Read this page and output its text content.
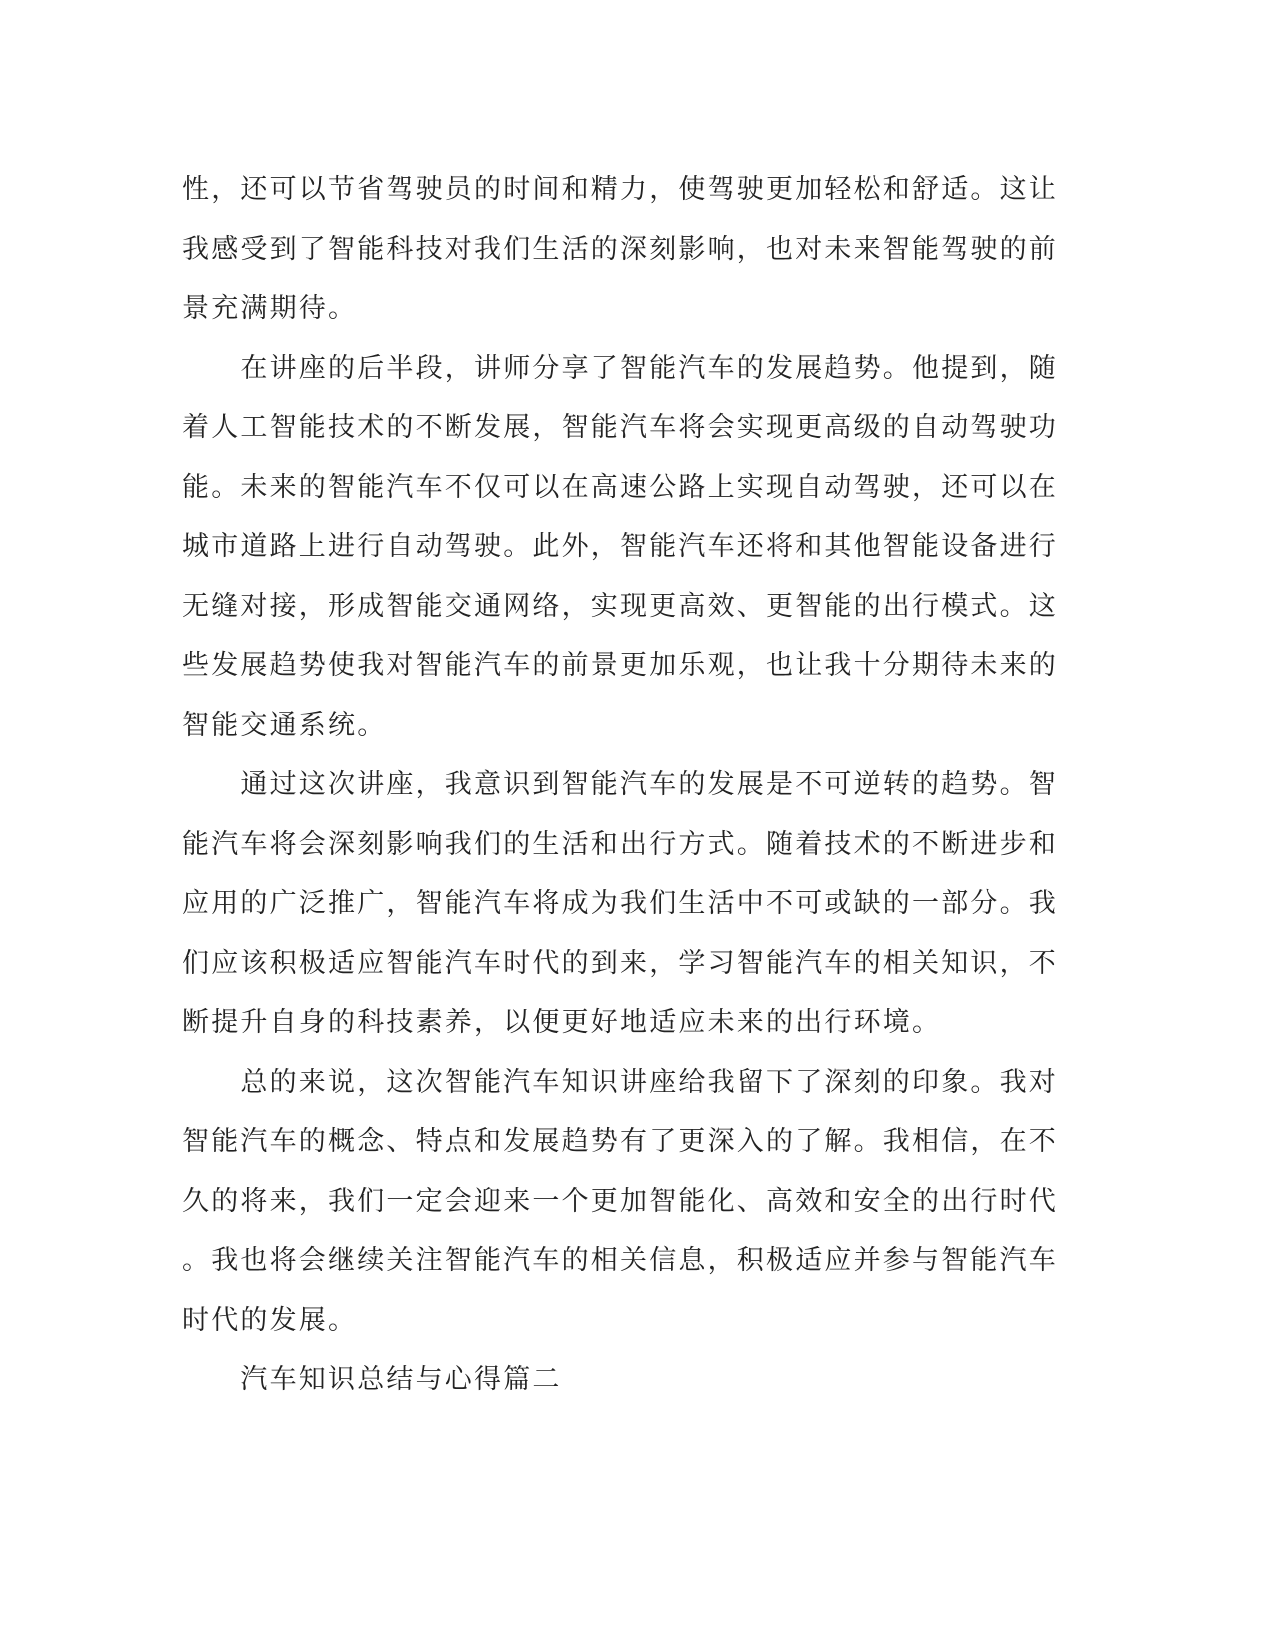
性，还可以节省驾驶员的时间和精力，使驾驶更加轻松和舒适。这让
我感受到了智能科技对我们生活的深刻影响，也对未来智能驾驶的前
景充满期待。
　　在讲座的后半段，讲师分享了智能汽车的发展趋势。他提到，随
着人工智能技术的不断发展，智能汽车将会实现更高级的自动驾驶功
能。未来的智能汽车不仅可以在高速公路上实现自动驾驶，还可以在
城市道路上进行自动驾驶。此外，智能汽车还将和其他智能设备进行
无缝对接，形成智能交通网络，实现更高效、更智能的出行模式。这
些发展趋势使我对智能汽车的前景更加乐观，也让我十分期待未来的
智能交通系统。
　　通过这次讲座，我意识到智能汽车的发展是不可逆转的趋势。智
能汽车将会深刻影响我们的生活和出行方式。随着技术的不断进步和
应用的广泛推广，智能汽车将成为我们生活中不可或缺的一部分。我
们应该积极适应智能汽车时代的到来，学习智能汽车的相关知识，不
断提升自身的科技素养，以便更好地适应未来的出行环境。
　　总的来说，这次智能汽车知识讲座给我留下了深刻的印象。我对
智能汽车的概念、特点和发展趋势有了更深入的了解。我相信，在不
久的将来，我们一定会迎来一个更加智能化、高效和安全的出行时代
。我也将会继续关注智能汽车的相关信息，积极适应并参与智能汽车
时代的发展。
　　汽车知识总结与心得篇二
